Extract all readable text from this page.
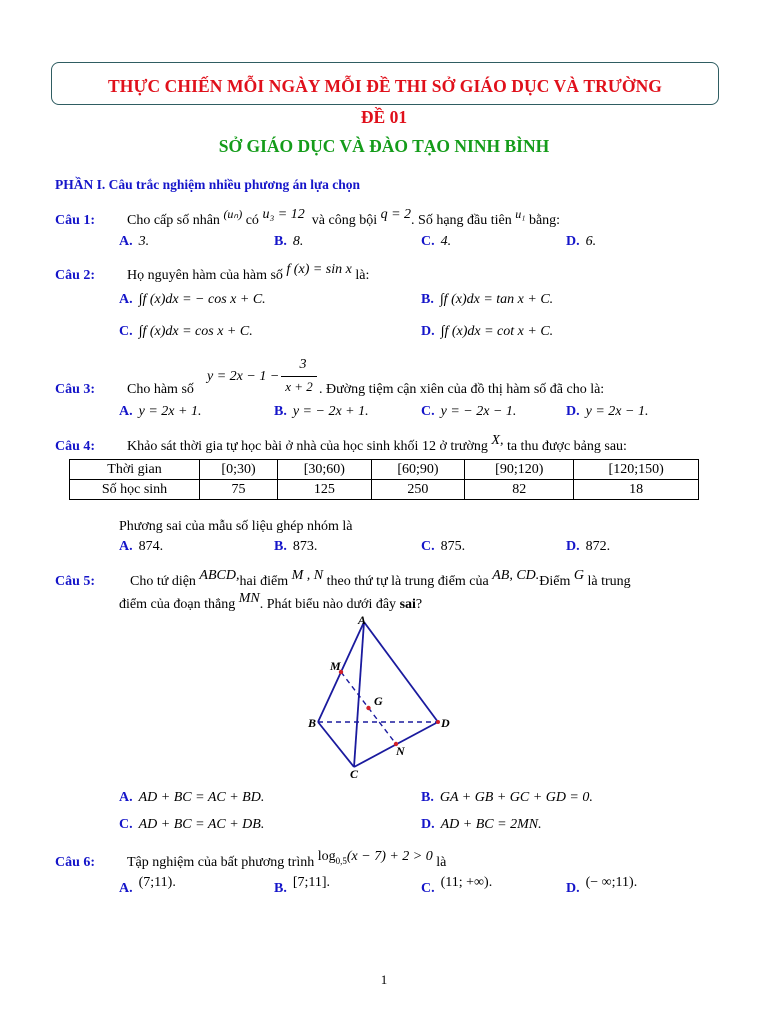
THỰC CHIẾN MỖI NGÀY MỖI ĐỀ THI SỞ GIÁO DỤC VÀ TRƯỜNG
ĐỀ 01
SỞ GIÁO DỤC VÀ ĐÀO TẠO NINH BÌNH
PHẦN I. Câu trắc nghiệm nhiều phương án lựa chọn
Câu 1: Cho cấp số nhân (uₙ) có u₃ = 12 và công bội q = 2. Số hạng đầu tiên u₁ bằng:
A. 3.	B. 8.	C. 4.	D. 6.
Câu 2: Họ nguyên hàm của hàm số f (x) = sin x là:
A. ∫f (x)dx = − cos x + C.	B. ∫f (x)dx = tan x + C.
C. ∫f (x)dx = cos x + C.	D. ∫f (x)dx = cot x + C.
Câu 3: Cho hàm số
y = 2x − 1 −
3
x + 2 . Đường tiệm cận xiên của đồ thị hàm số đã cho là:
A. y = 2x + 1.	B. y = − 2x + 1.	C. y = − 2x − 1.	D. y = 2x − 1.
Câu 4: Khảo sát thời gia tự học bài ở nhà của học sinh khối 12 ở trường X, ta thu được bảng sau:
Thời gian	[0;30)	[30;60)	[60;90)	[90;120)	[120;150)
Số học sinh	75	125	250	82	18
Phương sai của mẫu số liệu ghép nhóm là
A. 874.	B. 873.	C. 875.	D. 872.
Câu 5: Cho tứ diện ABCD,hai điểm M , N theo thứ tự là trung điểm của AB, CD.Điểm G là trung
điểm của đoạn thẳng MN. Phát biểu nào dưới đây sai?
A
B
C
D
M
N
G
A. AD + BC = AC + BD.	B. GA + GB + GC + GD = 0.
C. AD + BC = AC + DB.	D. AD + BC = 2MN.
Câu 6: Tập nghiệm của bất phương trình $\log_{0,5}(x - 7) + 2 > 0$ là
A. (7;11).	B. [7;11].	C. (11; +∞).	D. (− ∞;11).
1
